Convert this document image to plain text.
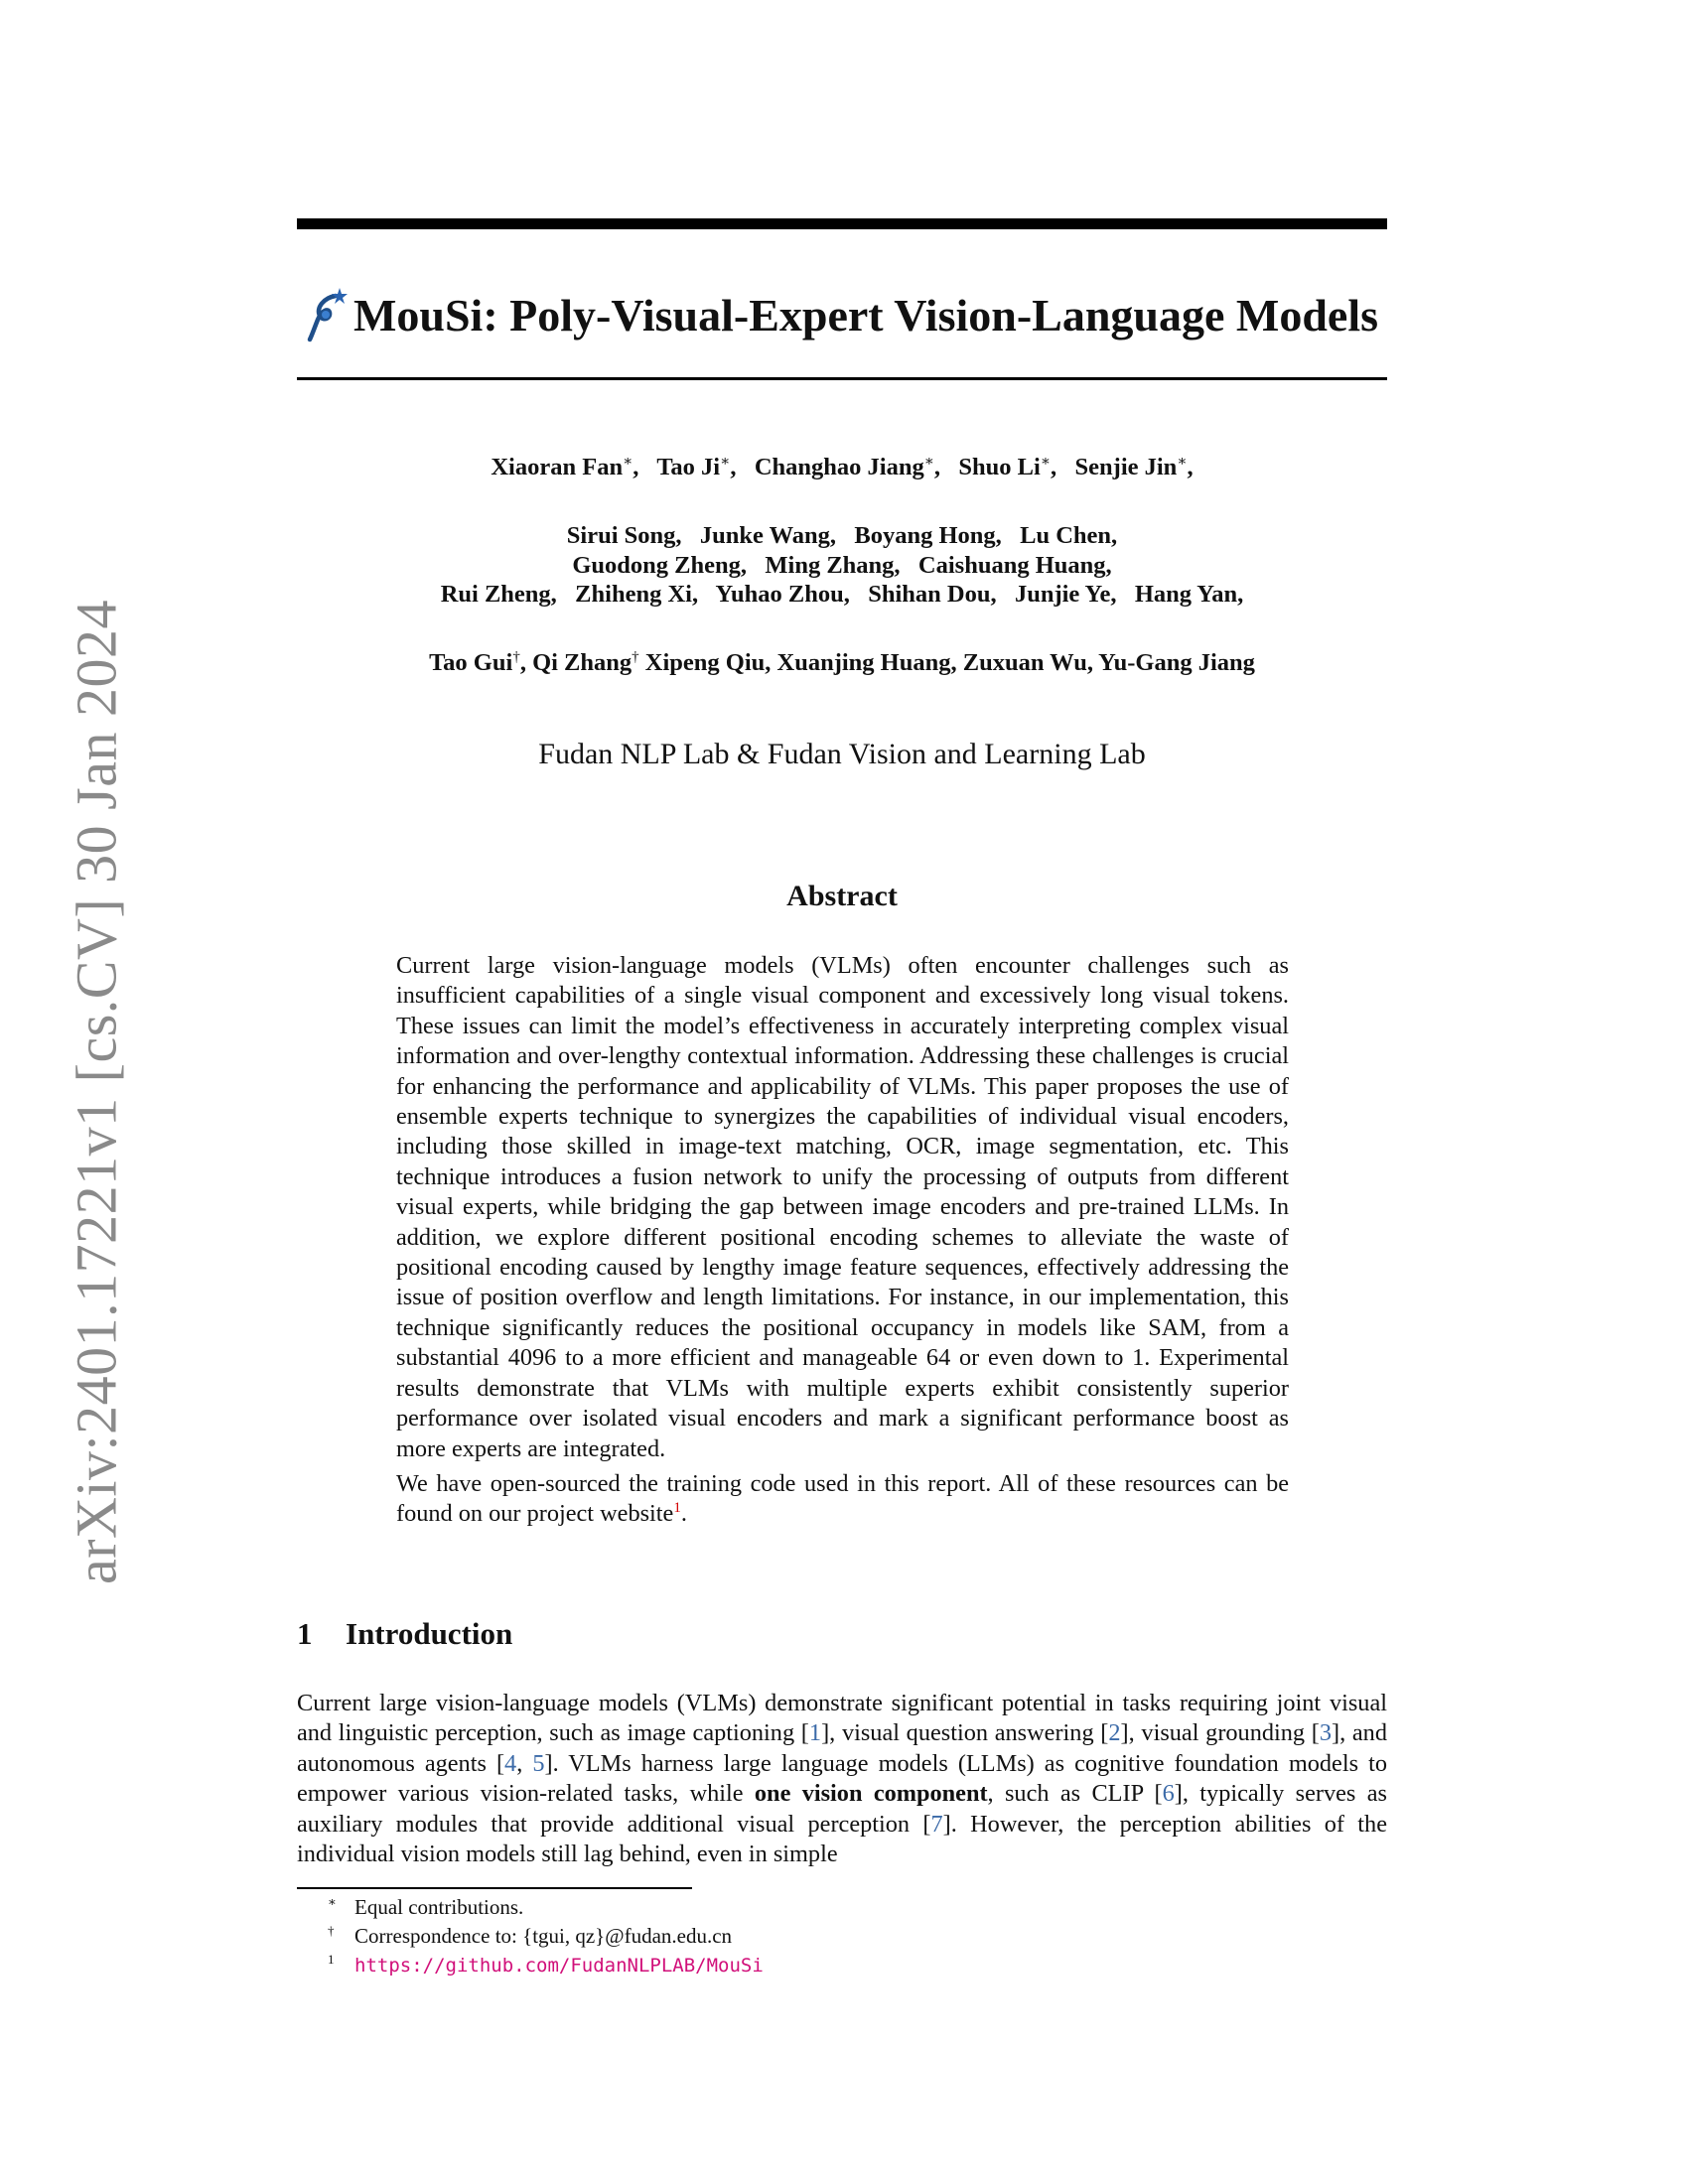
arXiv:2401.17221v1 [cs.CV] 30 Jan 2024
MouSi: Poly-Visual-Expert Vision-Language Models
Xiaoran Fan∗,   Tao Ji∗,   Changhao Jiang∗,   Shuo Li∗,   Senjie Jin∗,
Sirui Song,   Junke Wang,   Boyang Hong,   Lu Chen,
Guodong Zheng,   Ming Zhang,   Caishuang Huang,
Rui Zheng,   Zhiheng Xi,   Yuhao Zhou,   Shihan Dou,   Junjie Ye,   Hang Yan,
Tao Gui†, Qi Zhang† Xipeng Qiu, Xuanjing Huang, Zuxuan Wu, Yu-Gang Jiang
Fudan NLP Lab & Fudan Vision and Learning Lab
Abstract

Current large vision-language models (VLMs) often encounter challenges such as insufficient capabilities of a single visual component and excessively long visual tokens. These issues can limit the model’s effectiveness in accurately interpreting complex visual information and over-lengthy contextual information. Addressing these challenges is crucial for enhancing the performance and applicability of VLMs. This paper proposes the use of ensemble experts technique to synergizes the capabilities of individual visual encoders, including those skilled in image-text matching, OCR, image segmentation, etc. This technique introduces a fusion network to unify the processing of outputs from different visual experts, while bridging the gap between image encoders and pre-trained LLMs. In addition, we explore different positional encoding schemes to alleviate the waste of positional encoding caused by lengthy image feature sequences, effectively addressing the issue of position overflow and length limitations. For instance, in our implementation, this technique significantly reduces the positional occupancy in models like SAM, from a substantial 4096 to a more efficient and manageable 64 or even down to 1. Experimental results demonstrate that VLMs with multiple experts exhibit consistently superior performance over isolated visual encoders and mark a significant performance boost as more experts are integrated.

We have open-sourced the training code used in this report. All of these resources can be found on our project website$^1$.

1 Introduction

Current large vision-language models (VLMs) demonstrate significant potential in tasks requiring joint visual and linguistic perception, such as image captioning [1], visual question answering [2], visual grounding [3], and autonomous agents [4, 5]. VLMs harness large language models (LLMs) as cognitive foundation models to empower various vision-related tasks, while one vision component, such as CLIP [6], typically serves as auxiliary modules that provide additional visual perception [7]. However, the perception abilities of the individual vision models still lag behind, even in simple

∗ Equal contributions.
† Correspondence to: {tgui, qz}@fudan.edu.cn
1 https://github.com/FudanNLPLAB/MouSi
